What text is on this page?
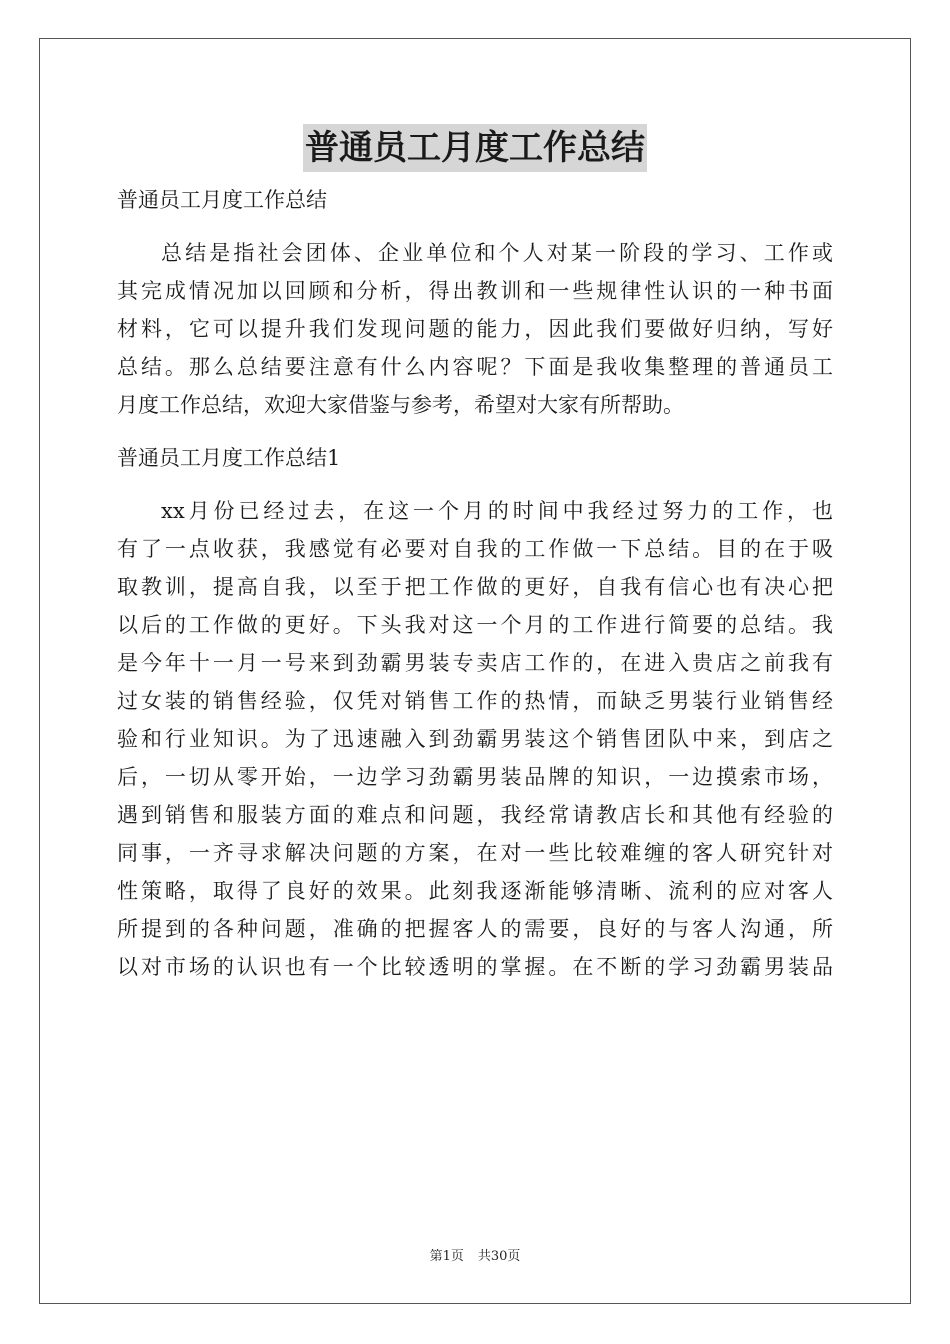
普通员工月度工作总结
普通员工月度工作总结

总结是指社会团体、企业单位和个人对某一阶段的学习、工作或
其完成情况加以回顾和分析，得出教训和一些规律性认识的一种书面
材料，它可以提升我们发现问题的能力，因此我们要做好归纳，写好
总结。那么总结要注意有什么内容呢？下面是我收集整理的普通员工
月度工作总结，欢迎大家借鉴与参考，希望对大家有所帮助。

普通员工月度工作总结1

xx月份已经过去，在这一个月的时间中我经过努力的工作，也
有了一点收获，我感觉有必要对自我的工作做一下总结。目的在于吸
取教训，提高自我，以至于把工作做的更好，自我有信心也有决心把
以后的工作做的更好。下头我对这一个月的工作进行简要的总结。我
是今年十一月一号来到劲霸男装专卖店工作的，在进入贵店之前我有
过女装的销售经验，仅凭对销售工作的热情，而缺乏男装行业销售经
验和行业知识。为了迅速融入到劲霸男装这个销售团队中来，到店之
后，一切从零开始，一边学习劲霸男装品牌的知识，一边摸索市场，
遇到销售和服装方面的难点和问题，我经常请教店长和其他有经验的
同事，一齐寻求解决问题的方案，在对一些比较难缠的客人研究针对
性策略，取得了良好的效果。此刻我逐渐能够清晰、流利的应对客人
所提到的各种问题，准确的把握客人的需要，良好的与客人沟通，所
以对市场的认识也有一个比较透明的掌握。在不断的学习劲霸男装品

第1页 共30页
